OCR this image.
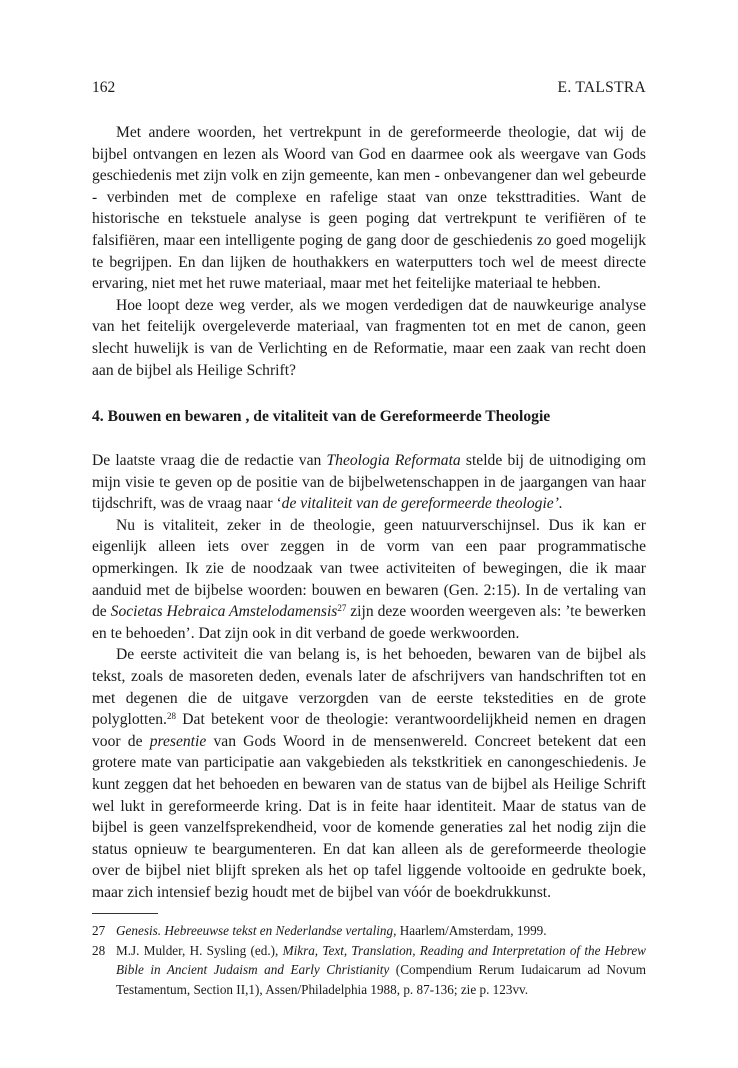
162	E. TALSTRA

Met andere woorden, het vertrekpunt in de gereformeerde theologie, dat wij de bijbel ontvangen en lezen als Woord van God en daarmee ook als weergave van Gods geschiedenis met zijn volk en zijn gemeente, kan men - onbevangener dan wel gebeurde - verbinden met de complexe en rafelige staat van onze teksttradities. Want de historische en tekstuele analyse is geen poging dat vertrekpunt te verifiëren of te falsifiëren, maar een intelligente poging de gang door de geschiedenis zo goed mogelijk te begrijpen. En dan lijken de houthakkers en waterputters toch wel de meest directe ervaring, niet met het ruwe materiaal, maar met het feitelijke materiaal te hebben.

Hoe loopt deze weg verder, als we mogen verdedigen dat de nauwkeurige analyse van het feitelijk overgeleverde materiaal, van fragmenten tot en met de canon, geen slecht huwelijk is van de Verlichting en de Reformatie, maar een zaak van recht doen aan de bijbel als Heilige Schrift?

4. Bouwen en bewaren , de vitaliteit van de Gereformeerde Theologie

De laatste vraag die de redactie van Theologia Reformata stelde bij de uitnodiging om mijn visie te geven op de positie van de bijbelwetenschappen in de jaargangen van haar tijdschrift, was de vraag naar ‘de vitaliteit van de gereformeerde theologie’.

Nu is vitaliteit, zeker in de theologie, geen natuurverschijnsel. Dus ik kan er eigenlijk alleen iets over zeggen in de vorm van een paar programmatische opmerkingen. Ik zie de noodzaak van twee activiteiten of bewegingen, die ik maar aanduid met de bijbelse woorden: bouwen en bewaren (Gen. 2:15). In de vertaling van de Societas Hebraica Amstelodamensis$^{27}$ zijn deze woorden weergeven als: ’te bewerken en te behoeden’. Dat zijn ook in dit verband de goede werkwoorden.

De eerste activiteit die van belang is, is het behoeden, bewaren van de bijbel als tekst, zoals de masoreten deden, evenals later de afschrijvers van handschriften tot en met degenen die de uitgave verzorgden van de eerste tekstedities en de grote polyglotten.$^{28}$ Dat betekent voor de theologie: verantwoordelijkheid nemen en dragen voor de presentie van Gods Woord in de mensenwereld. Concreet betekent dat een grotere mate van participatie aan vakgebieden als tekstkritiek en canongeschiedenis. Je kunt zeggen dat het behoeden en bewaren van de status van de bijbel als Heilige Schrift wel lukt in gereformeerde kring. Dat is in feite haar identiteit. Maar de status van de bijbel is geen vanzelfsprekendheid, voor de komende generaties zal het nodig zijn die status opnieuw te beargumenteren. En dat kan alleen als de gereformeerde theologie over de bijbel niet blijft spreken als het op tafel liggende voltooide en gedrukte boek, maar zich intensief bezig houdt met de bijbel van vóór de boekdrukkunst.

27 Genesis. Hebreeuwse tekst en Nederlandse vertaling, Haarlem/Amsterdam, 1999.
28 M.J. Mulder, H. Sysling (ed.), Mikra, Text, Translation, Reading and Interpretation of the Hebrew Bible in Ancient Judaism and Early Christianity (Compendium Rerum Iudaicarum ad Novum Testamentum, Section II,1), Assen/Philadelphia 1988, p. 87-136; zie p. 123vv.
